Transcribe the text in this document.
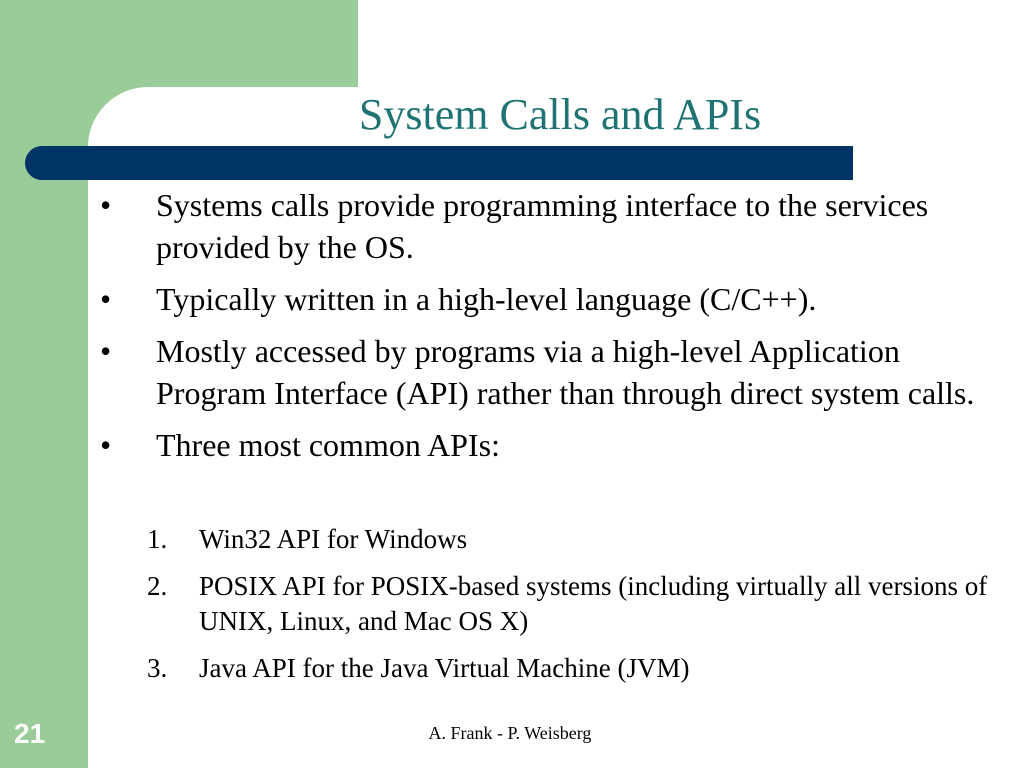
System Calls and APIs
• Systems calls provide programming interface to the services provided by the OS.
• Typically written in a high-level language (C/C++).
• Mostly accessed by programs via a high-level Application Program Interface (API) rather than through direct system calls.
• Three most common APIs:
1. Win32 API for Windows
2. POSIX API for POSIX-based systems (including virtually all versions of UNIX, Linux, and Mac OS X)
3. Java API for the Java Virtual Machine (JVM)
21	A. Frank - P. Weisberg
